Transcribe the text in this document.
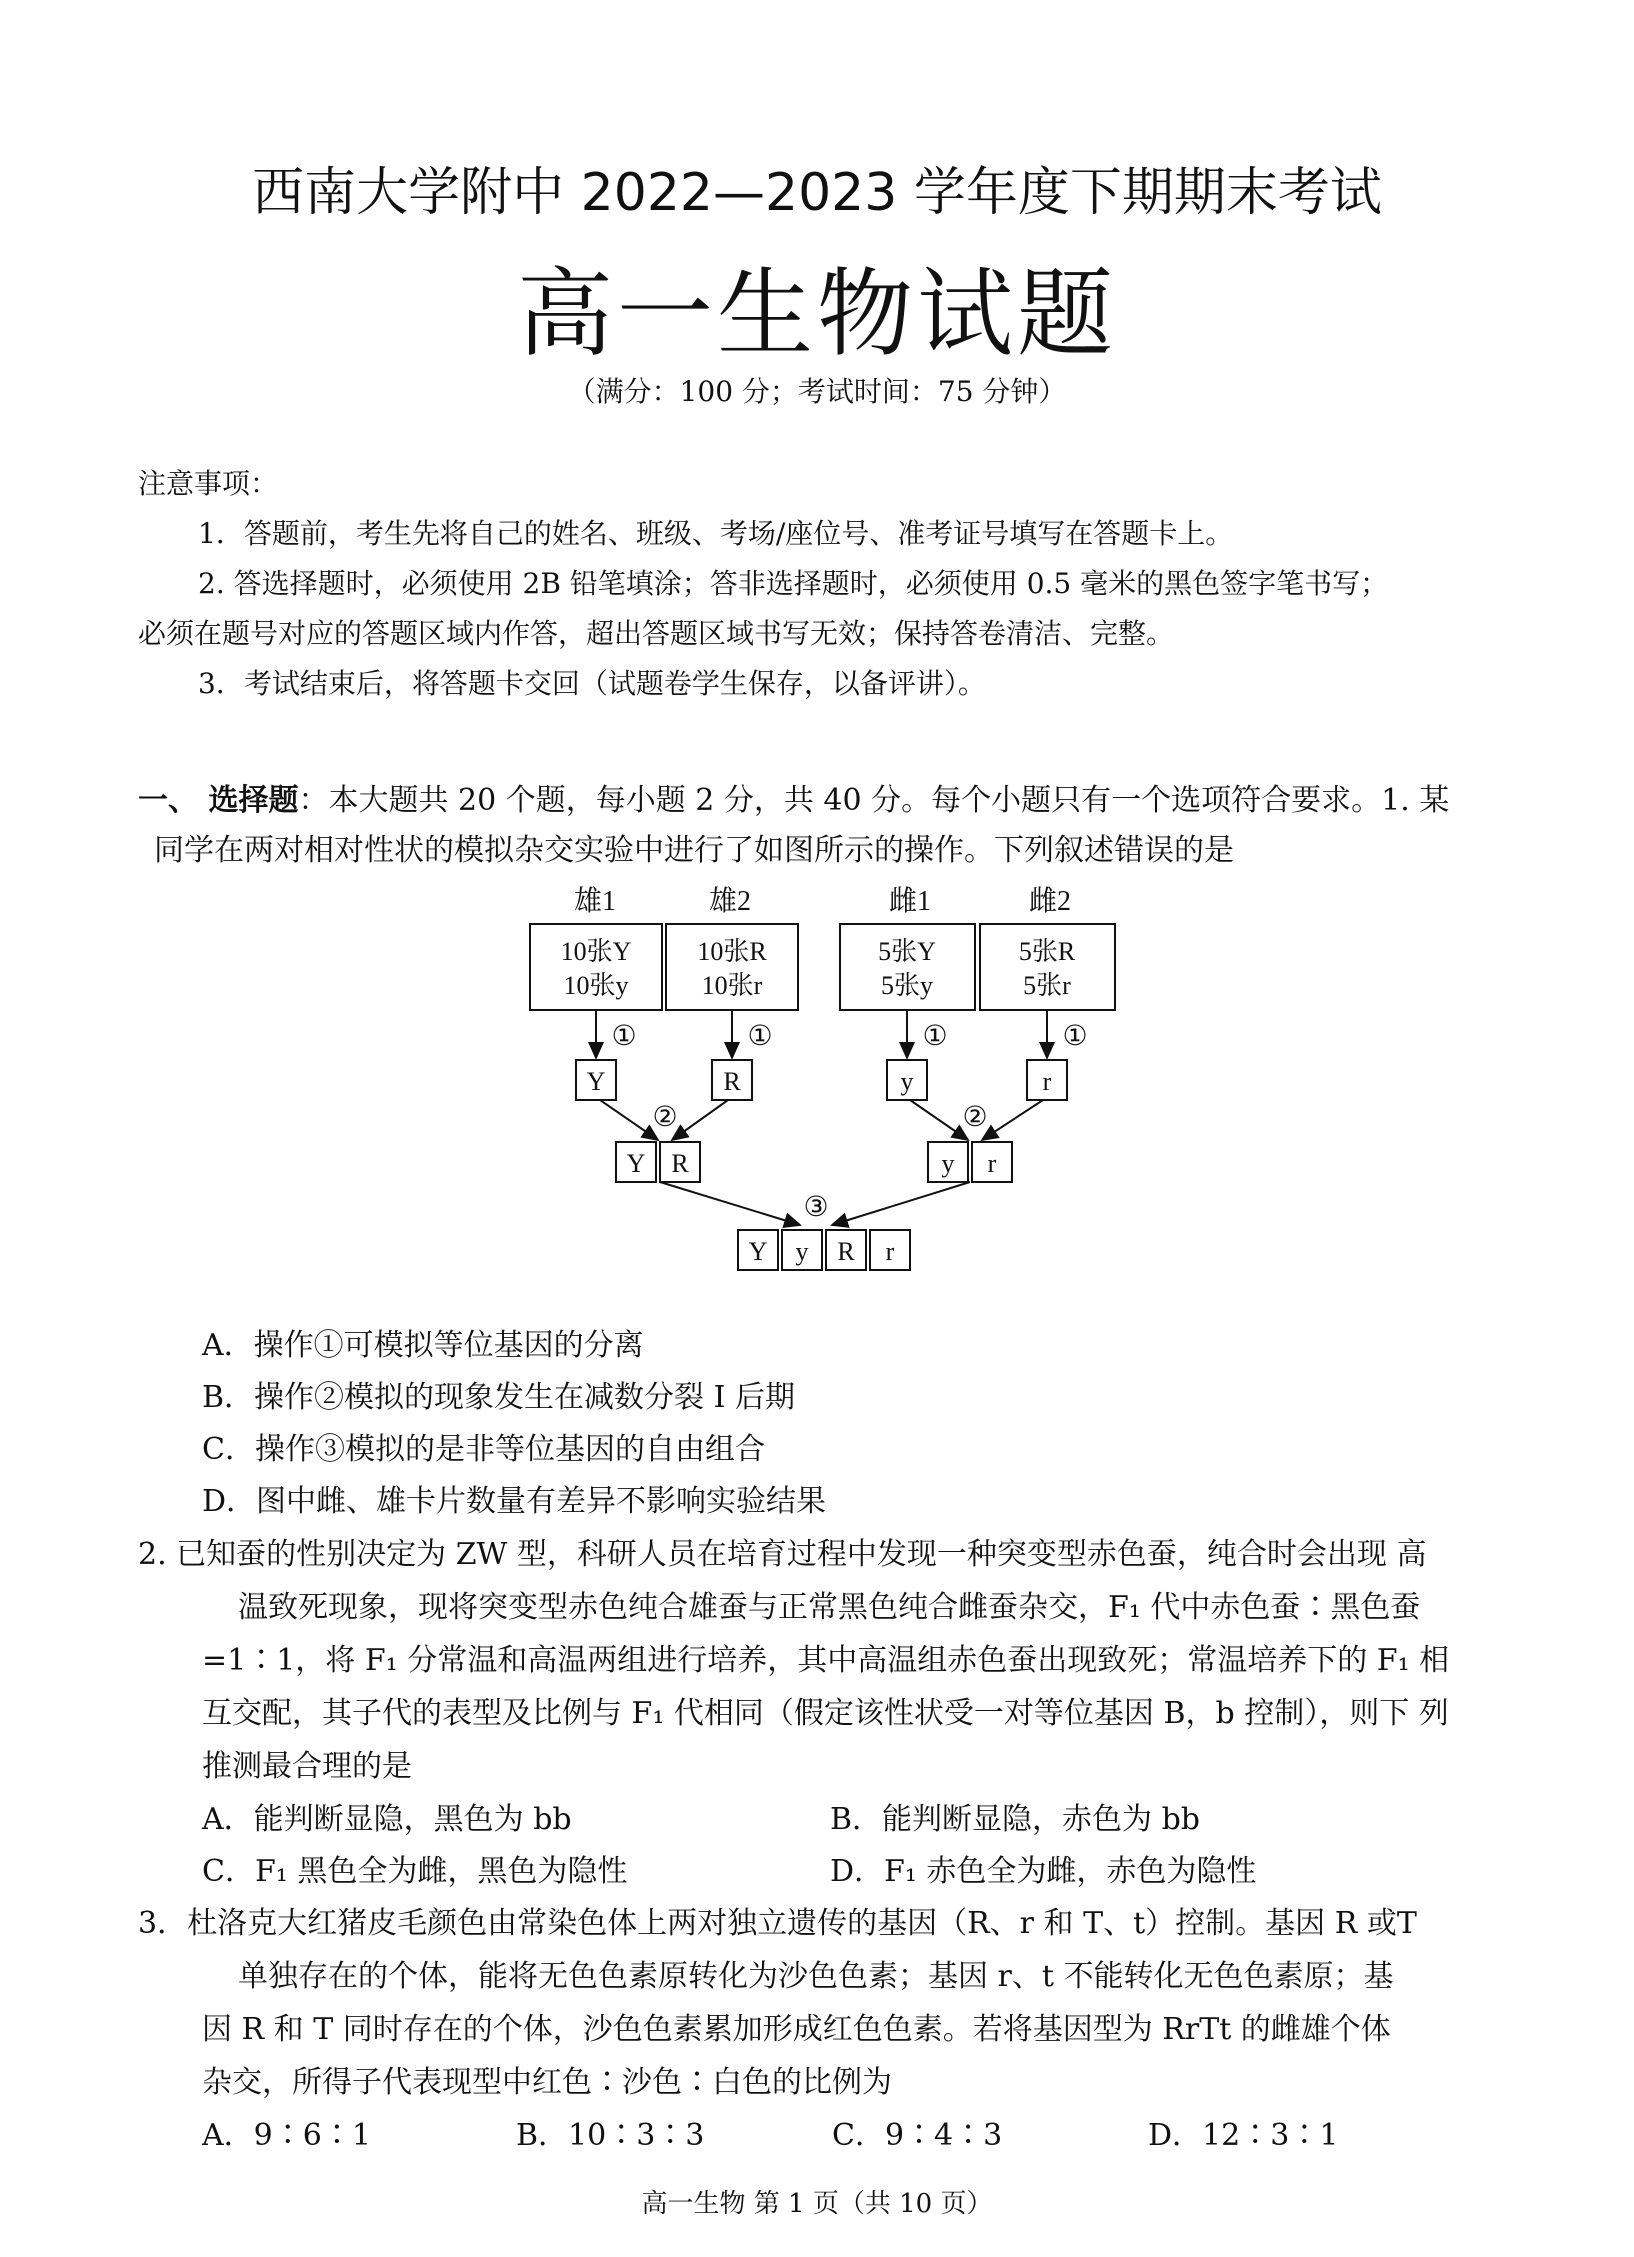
西南大学附中 2022—2023 学年度下期期末考试
高一生物试题
（满分：100 分；考试时间：75 分钟）
注意事项：
1．答题前，考生先将自己的姓名、班级、考场/座位号、准考证号填写在答题卡上。
2. 答选择题时，必须使用 2B 铅笔填涂；答非选择题时，必须使用 0.5 毫米的黑色签字笔书写；
必须在题号对应的答题区域内作答，超出答题区域书写无效；保持答卷清洁、完整。
3．考试结束后，将答题卡交回（试题卷学生保存，以备评讲）。
一、 选择题：本大题共 20 个题，每小题 2 分，共 40 分。每个小题只有一个选项符合要求。1. 某
同学在两对相对性状的模拟杂交实验中进行了如图所示的操作。下列叙述错误的是
雄1	雄2	雌1	雌2
10张Y
10张y
10张R
10张r
5张Y
5张y
5张R
5张r
①	①	①	①
Y	R	y	r
②	②
Y R	y r
③
Y y R r
A．操作①可模拟等位基因的分离
B．操作②模拟的现象发生在减数分裂 I 后期
C．操作③模拟的是非等位基因的自由组合
D．图中雌、雄卡片数量有差异不影响实验结果
2. 已知蚕的性别决定为 ZW 型，科研人员在培育过程中发现一种突变型赤色蚕，纯合时会出现 高
温致死现象，现将突变型赤色纯合雄蚕与正常黑色纯合雌蚕杂交，F₁ 代中赤色蚕∶黑色蚕
=1∶1，将 F₁ 分常温和高温两组进行培养，其中高温组赤色蚕出现致死；常温培养下的 F₁ 相
互交配，其子代的表型及比例与 F₁ 代相同（假定该性状受一对等位基因 B，b 控制），则下 列
推测最合理的是
A．能判断显隐，黑色为 bb	B．能判断显隐，赤色为 bb
C．F₁ 黑色全为雌，黑色为隐性	D．F₁ 赤色全为雌，赤色为隐性
3．杜洛克大红猪皮毛颜色由常染色体上两对独立遗传的基因（R、r 和 T、t）控制。基因 R 或T
单独存在的个体，能将无色色素原转化为沙色色素；基因 r、t 不能转化无色色素原；基
因 R 和 T 同时存在的个体，沙色色素累加形成红色色素。若将基因型为 RrTt 的雌雄个体
杂交，所得子代表现型中红色∶沙色∶白色的比例为
A．9∶6∶1	B．10∶3∶3	C．9∶4∶3	D．12∶3∶1
高一生物 第 1 页（共 10 页）
